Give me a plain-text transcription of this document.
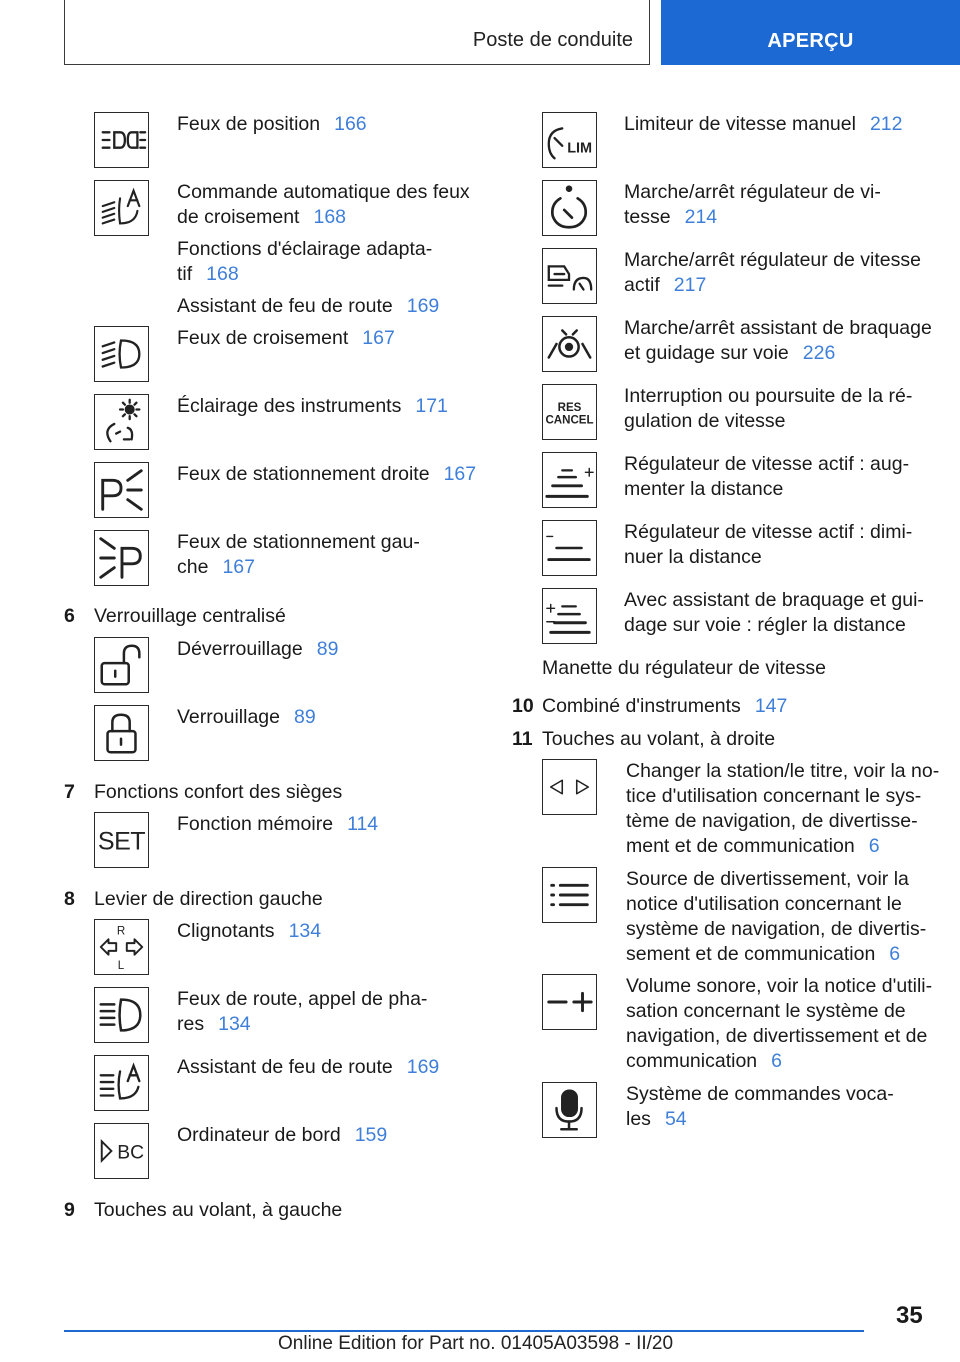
Poste de conduite	APERÇU
Feux de position 166
Commande automatique des feux
de croisement 168
Fonctions d'éclairage adapta-
tif 168
Assistant de feu de route 169
Feux de croisement 167
Éclairage des instruments 171
Feux de stationnement droite 167
Feux de stationnement gau-
che 167
6 Verrouillage centralisé
Déverrouillage 89
Verrouillage 89
7 Fonctions confort des sièges
SET
Fonction mémoire 114
8 Levier de direction gauche
R
L
Clignotants 134
Feux de route, appel de pha-
res 134
Assistant de feu de route 169
BC
Ordinateur de bord 159
9 Touches au volant, à gauche
LIM
Limiteur de vitesse manuel 212
Marche/arrêt régulateur de vi-
tesse 214
Marche/arrêt régulateur de vitesse
actif 217
Marche/arrêt assistant de braquage
et guidage sur voie 226
RES
CANCEL
Interruption ou poursuite de la ré-
gulation de vitesse
Régulateur de vitesse actif : aug-
menter la distance
Régulateur de vitesse actif : dimi-
nuer la distance
Avec assistant de braquage et gui-
dage sur voie : régler la distance
Manette du régulateur de vitesse
10 Combiné d'instruments 147
11 Touches au volant, à droite
Changer la station/le titre, voir la no-
tice d'utilisation concernant le sys-
tème de navigation, de divertisse-
ment et de communication 6
Source de divertissement, voir la
notice d'utilisation concernant le
système de navigation, de divertis-
sement et de communication 6
Volume sonore, voir la notice d'utili-
sation concernant le système de
navigation, de divertissement et de
communication 6
Système de commandes voca-
les 54
35
Online Edition for Part no. 01405A03598 - II/20
